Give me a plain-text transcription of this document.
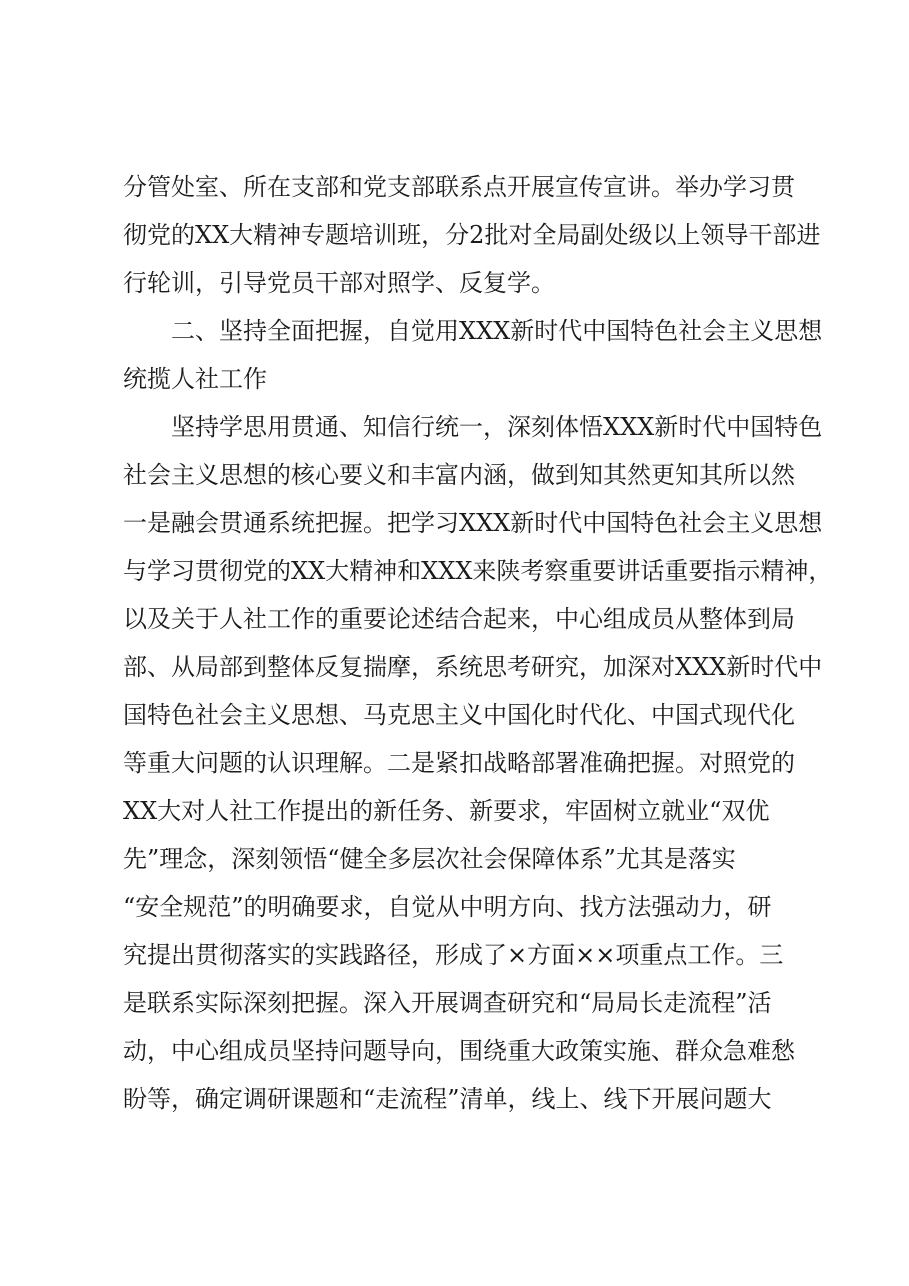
分管处室、所在支部和党支部联系点开展宣传宣讲。举办学习贯
彻党的XX大精神专题培训班，分2批对全局副处级以上领导干部进
行轮训，引导党员干部对照学、反复学。
二、坚持全面把握，自觉用XXX新时代中国特色社会主义思想
统揽人社工作
坚持学思用贯通、知信行统一，深刻体悟XXX新时代中国特色
社会主义思想的核心要义和丰富内涵，做到知其然更知其所以然
一是融会贯通系统把握。把学习XXX新时代中国特色社会主义思想
与学习贯彻党的XX大精神和XXX来陕考察重要讲话重要指示精神，
以及关于人社工作的重要论述结合起来，中心组成员从整体到局
部、从局部到整体反复揣摩，系统思考研究，加深对XXX新时代中
国特色社会主义思想、马克思主义中国化时代化、中国式现代化
等重大问题的认识理解。二是紧扣战略部署准确把握。对照党的
XX大对人社工作提出的新任务、新要求，牢固树立就业“双优
先”理念，深刻领悟“健全多层次社会保障体系”尤其是落实
“安全规范”的明确要求，自觉从中明方向、找方法强动力，研
究提出贯彻落实的实践路径，形成了×方面××项重点工作。三
是联系实际深刻把握。深入开展调查研究和“局局长走流程”活
动，中心组成员坚持问题导向，围绕重大政策实施、群众急难愁
盼等，确定调研课题和“走流程”清单，线上、线下开展问题大
